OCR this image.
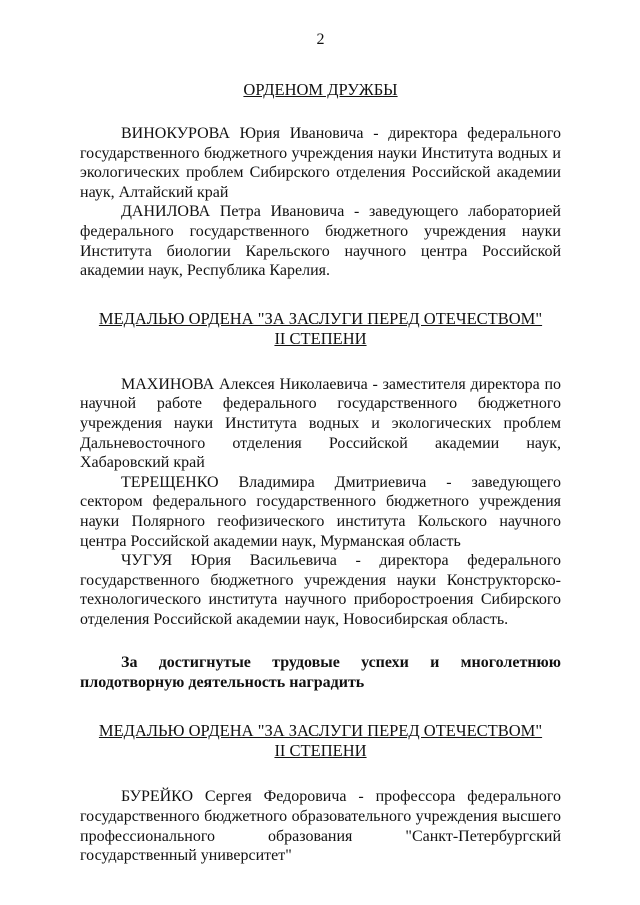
2

ОРДЕНОМ ДРУЖБЫ

ВИНОКУРОВА Юрия Ивановича - директора федерального государственного бюджетного учреждения науки Института водных и экологических проблем Сибирского отделения Российской академии наук, Алтайский край

ДАНИЛОВА Петра Ивановича - заведующего лабораторией федерального государственного бюджетного учреждения науки Института биологии Карельского научного центра Российской академии наук, Республика Карелия.

МЕДАЛЬЮ ОРДЕНА "ЗА ЗАСЛУГИ ПЕРЕД ОТЕЧЕСТВОМ"

II СТЕПЕНИ

МАХИНОВА Алексея Николаевича - заместителя директора по научной работе федерального государственного бюджетного учреждения науки Института водных и экологических проблем Дальневосточного отделения Российской академии наук, Хабаровский край

ТЕРЕЩЕНКО Владимира Дмитриевича - заведующего сектором федерального государственного бюджетного учреждения науки Полярного геофизического института Кольского научного центра Российской академии наук, Мурманская область

ЧУГУЯ Юрия Васильевича - директора федерального государственного бюджетного учреждения науки Конструкторско-технологического института научного приборостроения Сибирского отделения Российской академии наук, Новосибирская область.

За достигнутые трудовые успехи и многолетнюю плодотворную деятельность наградить

МЕДАЛЬЮ ОРДЕНА "ЗА ЗАСЛУГИ ПЕРЕД ОТЕЧЕСТВОМ"

II СТЕПЕНИ

БУРЕЙКО Сергея Федоровича - профессора федерального государственного бюджетного образовательного учреждения высшего профессионального образования "Санкт-Петербургский государственный университет"
